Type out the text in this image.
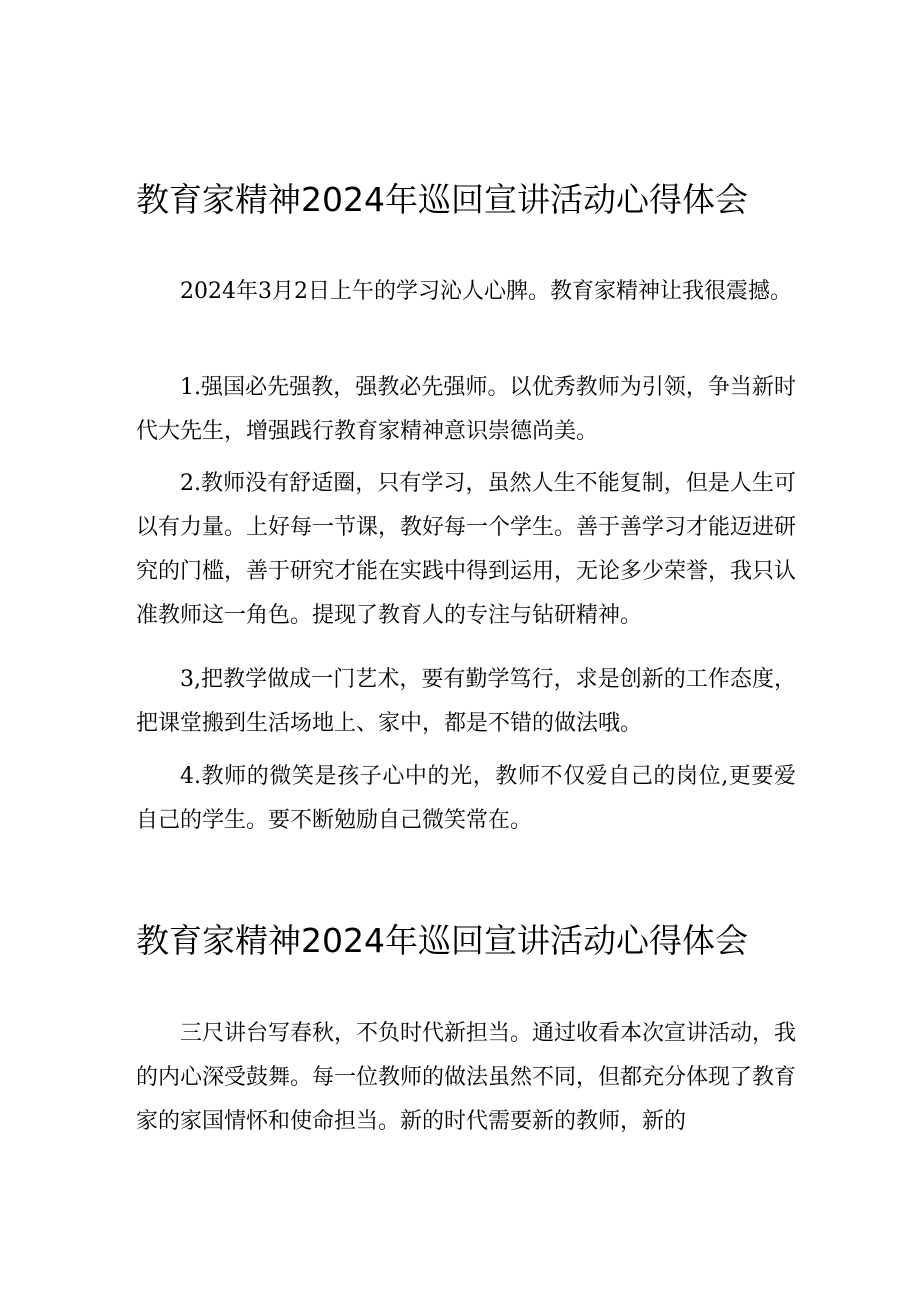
教育家精神2024年巡回宣讲活动心得体会

2024年3月2日上午的学习沁人心脾。教育家精神让我很震撼。

1.强国必先强教，强教必先强师。以优秀教师为引领，争当新时代大先生，增强践行教育家精神意识崇德尚美。

2.教师没有舒适圈，只有学习，虽然人生不能复制，但是人生可以有力量。上好每一节课，教好每一个学生。善于善学习才能迈进研究的门槛，善于研究才能在实践中得到运用，无论多少荣誉，我只认准教师这一角色。提现了教育人的专注与钻研精神。

3,把教学做成一门艺术，要有勤学笃行，求是创新的工作态度，把课堂搬到生活场地上、家中，都是不错的做法哦。

4.教师的微笑是孩子心中的光，教师不仅爱自己的岗位,更要爱自己的学生。要不断勉励自己微笑常在。

教育家精神2024年巡回宣讲活动心得体会

三尺讲台写春秋，不负时代新担当。通过收看本次宣讲活动，我的内心深受鼓舞。每一位教师的做法虽然不同，但都充分体现了教育家的家国情怀和使命担当。新的时代需要新的教师，新的
